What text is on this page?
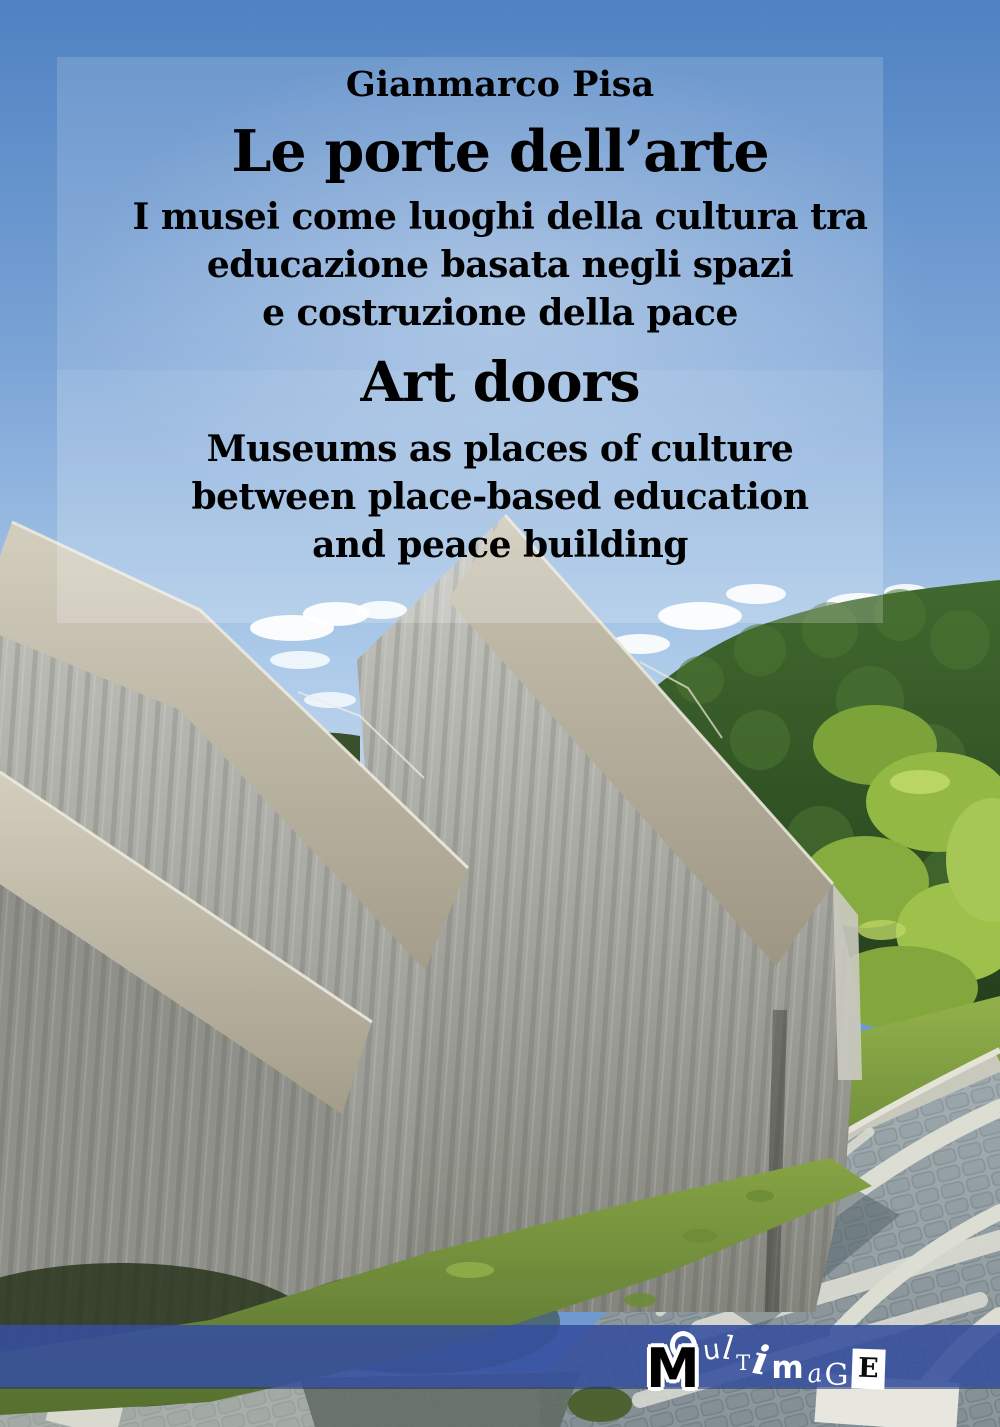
M u
l T i
m a G E
Gianmarco Pisa
Le porte dell’arte
I musei come luoghi della cultura tra
educazione basata negli spazi
e costruzione della pace
Art doors
Museums as places of culture
between place-based education
and peace building
